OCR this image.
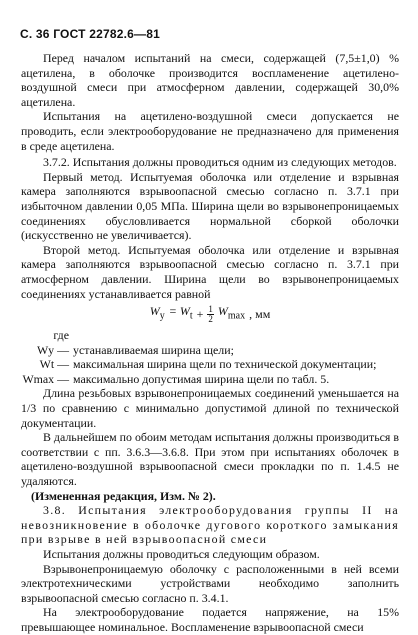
С. 36 ГОСТ 22782.6—81

Перед началом испытаний на смеси, содержащей (7,5±1,0) % ацетилена, в оболочке производится воспламенение ацетилено-воздушной смеси при атмосферном давлении, содержащей 30,0% ацетилена.

Испытания на ацетилено-воздушной смеси допускается не проводить, если электрооборудование не предназначено для применения в среде ацетилена.

3.7.2. Испытания должны проводиться одним из следующих методов.

Первый метод. Испытуемая оболочка или отделение и взрывная камера заполняются взрывоопасной смесью согласно п. 3.7.1 при избыточном давлении 0,05 МПа. Ширина щели во взрывонепроницаемых соединениях обусловливается нормальной сборкой оболочки (искусственно не увеличивается).

Второй метод. Испытуемая оболочка или отделение и взрывная камера заполняются взрывоопасной смесью согласно п. 3.7.1 при атмосферном давлении. Ширина щели во взрывонепроницаемых соединениях устанавливается равной

$W_у = W_t + \frac{1}{2} W_{max}$ , мм
где
Wу — устанавливаемая ширина щели;
Wt — максимальная ширина щели по технической документации;
Wmax — максимально допустимая ширина щели по табл. 5.

Длина резьбовых взрывонепроницаемых соединений уменьшается на 1/3 по сравнению с минимально допустимой длиной по технической документации.

В дальнейшем по обоим методам испытания должны производиться в соответствии с пп. 3.6.3—3.6.8. При этом при испытаниях оболочек в ацетилено-воздушной взрывоопасной смеси прокладки по п. 1.4.5 не удаляются.

(Измененная редакция, Изм. № 2).

3.8. Испытания электрооборудования группы II на невозникновение в оболочке дугового короткого замыкания при взрыве в ней взрывоопасной смеси

Испытания должны проводиться следующим образом.

Взрывонепроницаемую оболочку с расположенными в ней всеми электротехническими устройствами необходимо заполнить взрывоопасной смесью согласно п. 3.4.1.

На электрооборудование подается напряжение, на 15% превышающее номинальное. Воспламенение взрывоопасной смеси
